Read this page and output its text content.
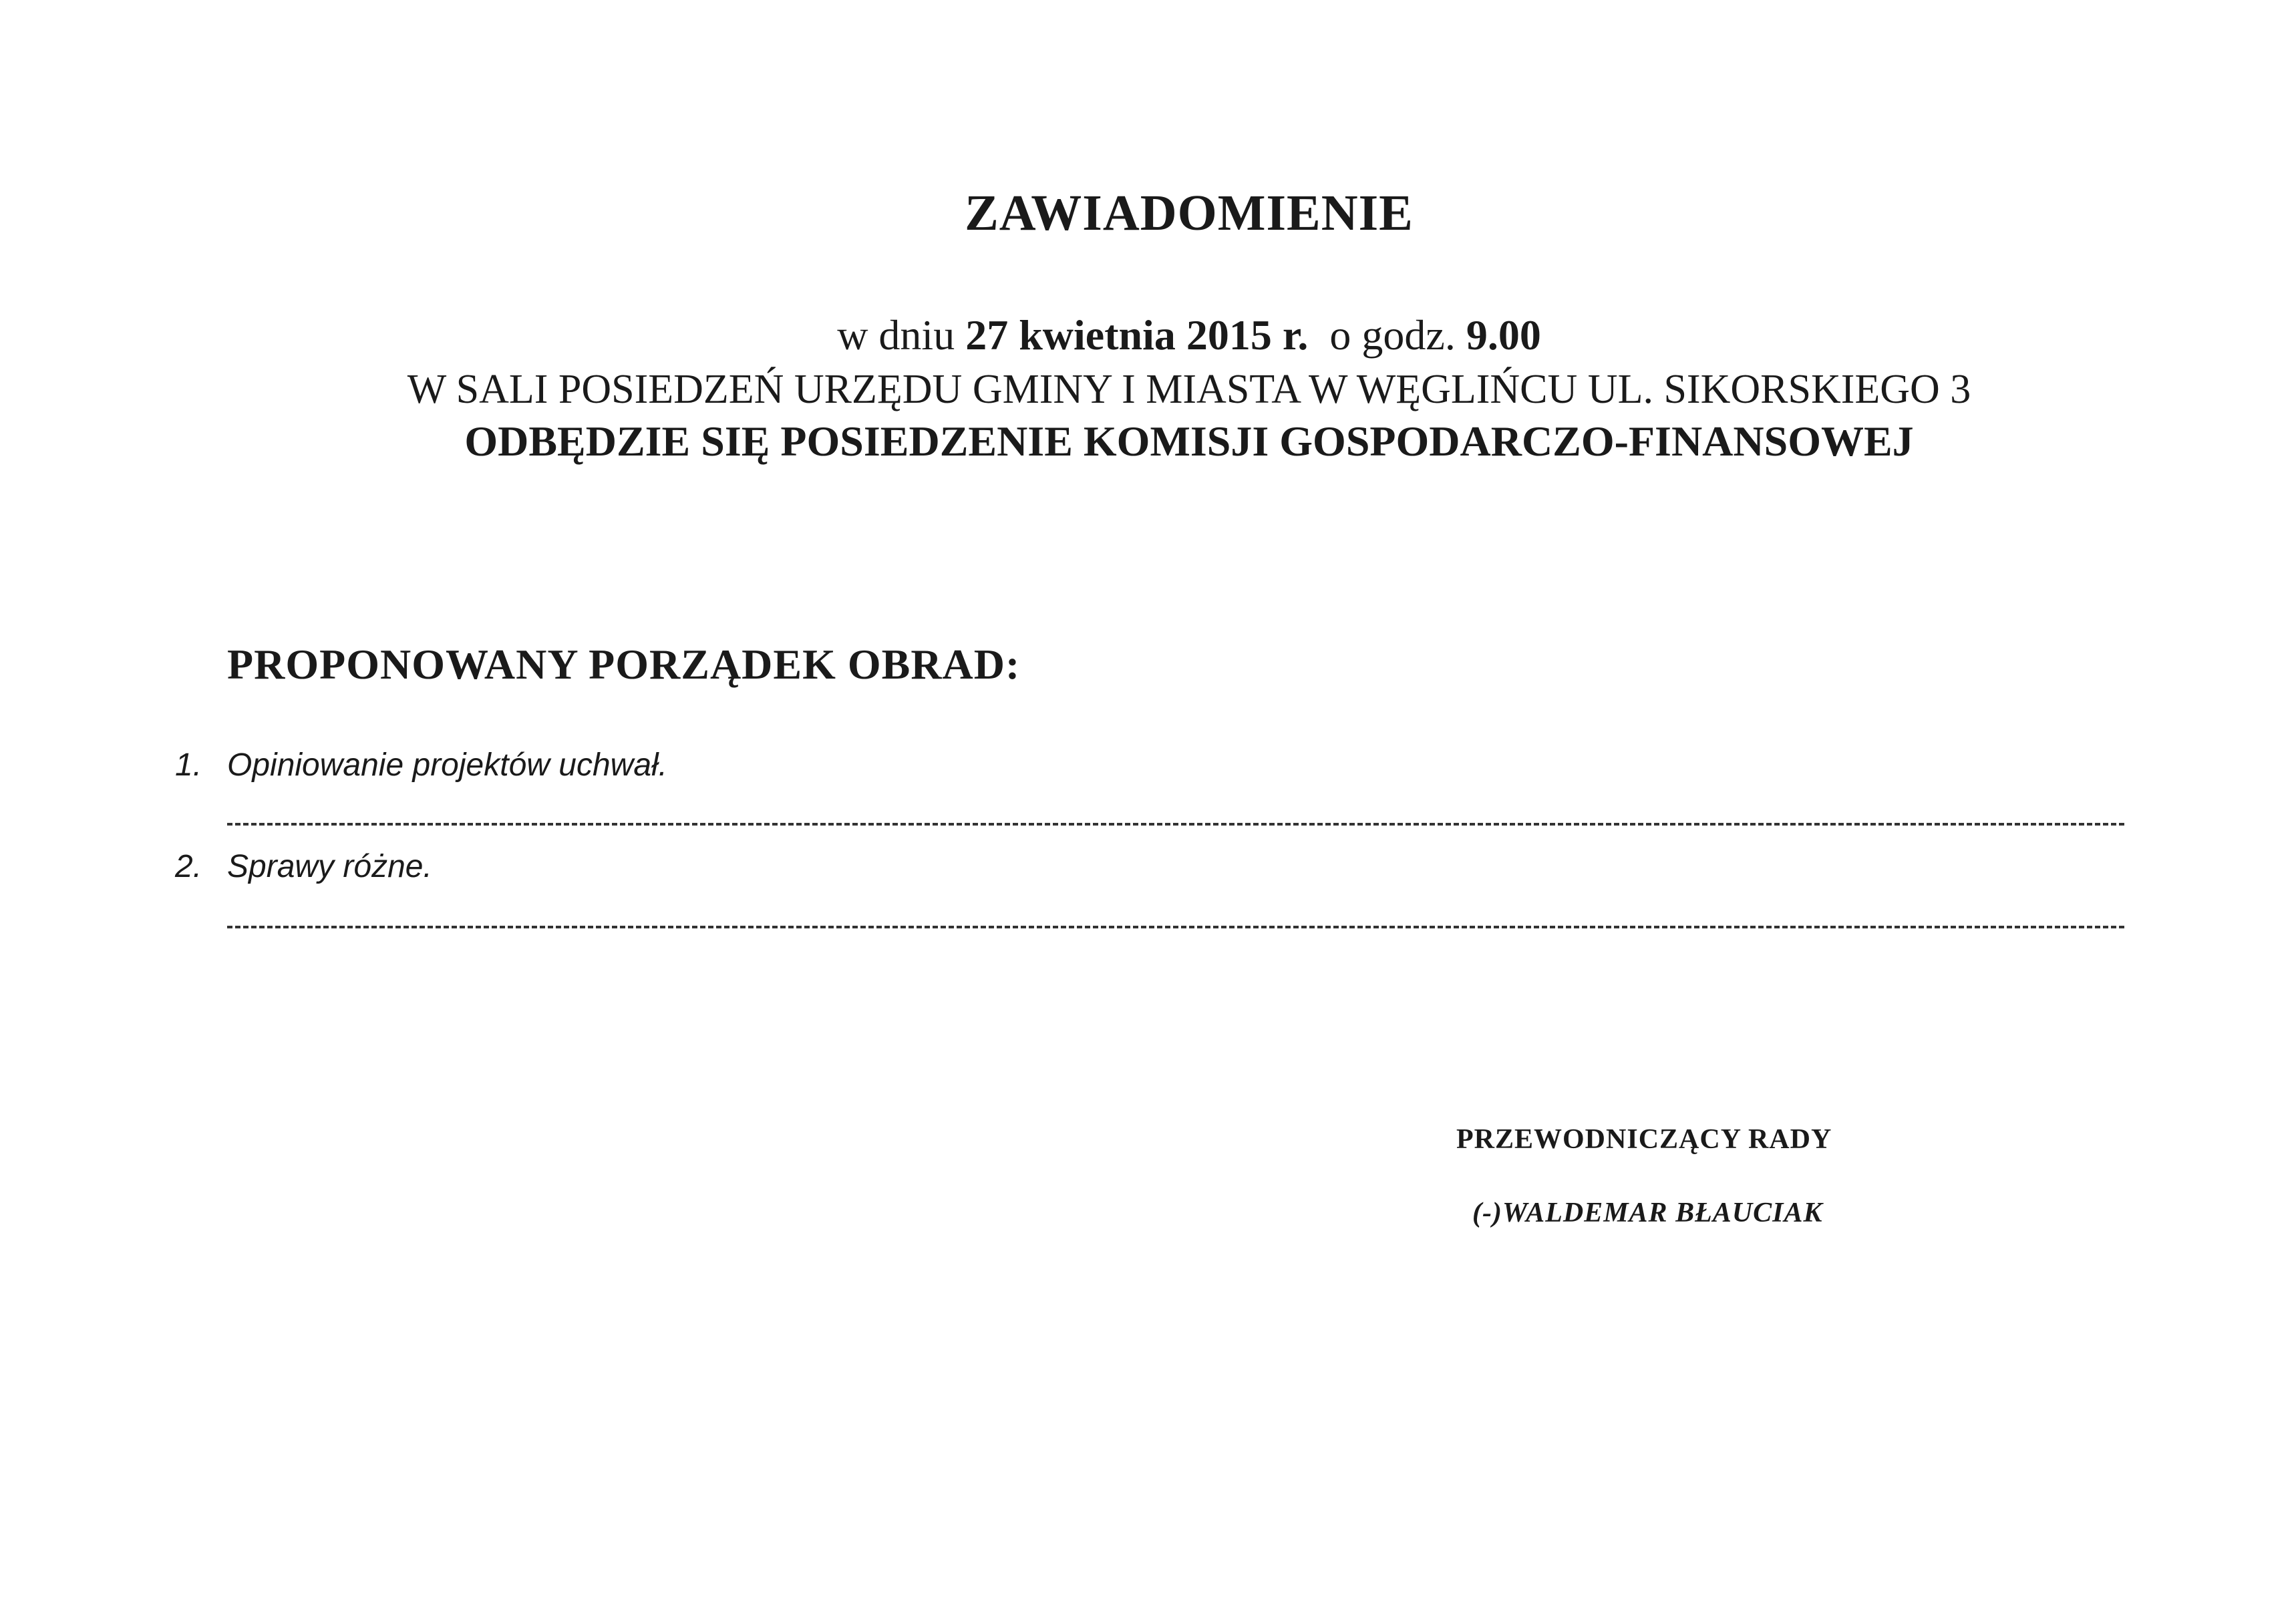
ZAWIADOMIENIE
w dniu 27 kwietnia 2015 r.  o godz. 9.00
W SALI POSIEDZEŃ URZĘDU GMINY I MIASTA W WĘGLIŃCU UL. SIKORSKIEGO 3
ODBĘDZIE SIĘ POSIEDZENIE KOMISJI GOSPODARCZO-FINANSOWEJ
PROPONOWANY PORZĄDEK OBRAD:
1. Opiniowanie projektów uchwał.
2. Sprawy różne.
PRZEWODNICZĄCY RADY
(-)WALDEMAR BŁAUCIAK
